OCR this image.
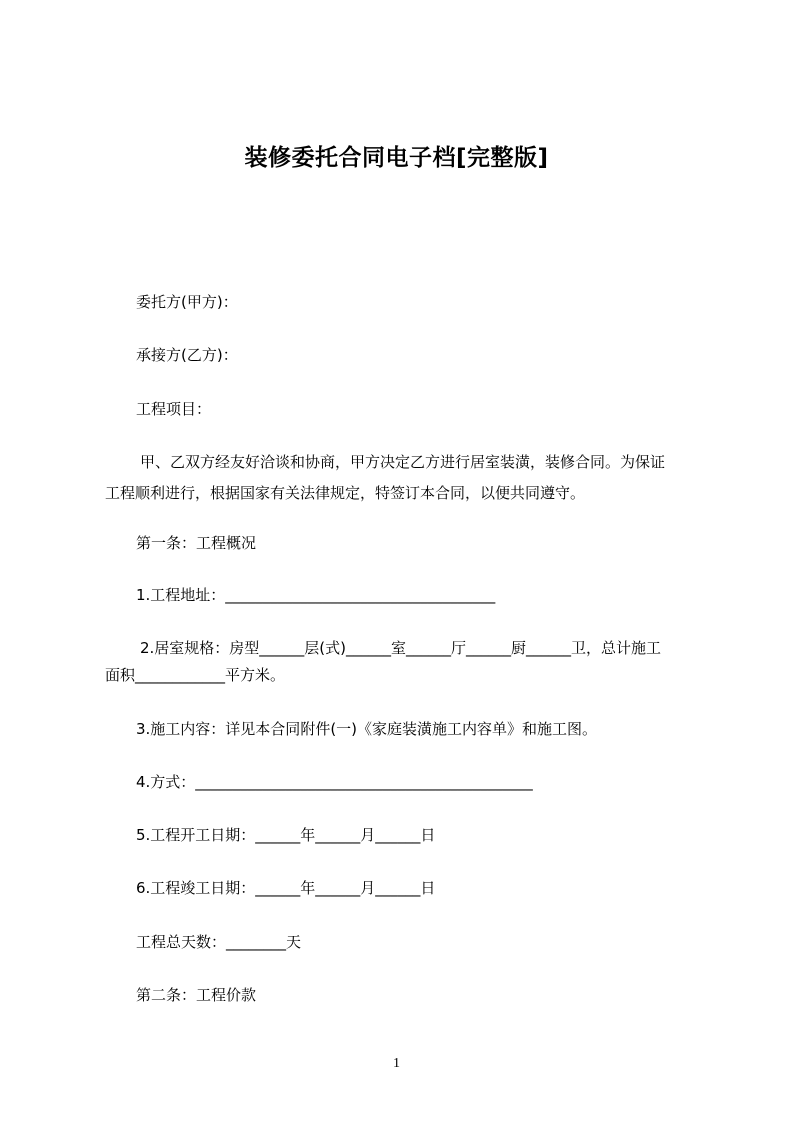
装修委托合同电子档[完整版]
委托方(甲方)：
承接方(乙方)：
工程项目：
甲、乙双方经友好洽谈和协商，甲方决定乙方进行居室装潢，装修合同。为保证
工程顺利进行，根据国家有关法律规定，特签订本合同，以便共同遵守。
第一条：工程概况
1.工程地址：____________________________________
2.居室规格：房型______层(式)______室______厅______厨______卫，总计施工
面积____________平方米。
3.施工内容：详见本合同附件(一)《家庭装潢施工内容单》和施工图。
4.方式：_____________________________________________
5.工程开工日期：______年______月______日
6.工程竣工日期：______年______月______日
工程总天数：________天
第二条：工程价款
1
